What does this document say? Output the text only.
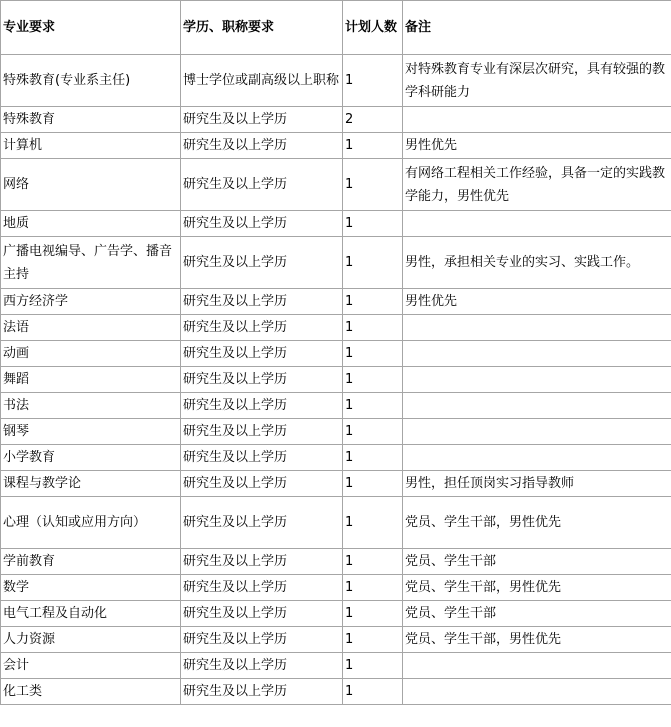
专业要求	学历、职称要求	计划人数	备注
特殊教育(专业系主任)	博士学位或副高级以上职称	1	对特殊教育专业有深层次研究，具有较强的教学科研能力
特殊教育	研究生及以上学历	2	
计算机	研究生及以上学历	1	男性优先
网络	研究生及以上学历	1	有网络工程相关工作经验，具备一定的实践教学能力，男性优先
地质	研究生及以上学历	1	
广播电视编导、广告学、播音主持	研究生及以上学历	1	男性，承担相关专业的实习、实践工作。
西方经济学	研究生及以上学历	1	男性优先
法语	研究生及以上学历	1	
动画	研究生及以上学历	1	
舞蹈	研究生及以上学历	1	
书法	研究生及以上学历	1	
钢琴	研究生及以上学历	1	
小学教育	研究生及以上学历	1	
课程与教学论	研究生及以上学历	1	男性，担任顶岗实习指导教师
心理（认知或应用方向）	研究生及以上学历	1	党员、学生干部，男性优先
学前教育	研究生及以上学历	1	党员、学生干部
数学	研究生及以上学历	1	党员、学生干部，男性优先
电气工程及自动化	研究生及以上学历	1	党员、学生干部
人力资源	研究生及以上学历	1	党员、学生干部，男性优先
会计	研究生及以上学历	1	
化工类	研究生及以上学历	1	
